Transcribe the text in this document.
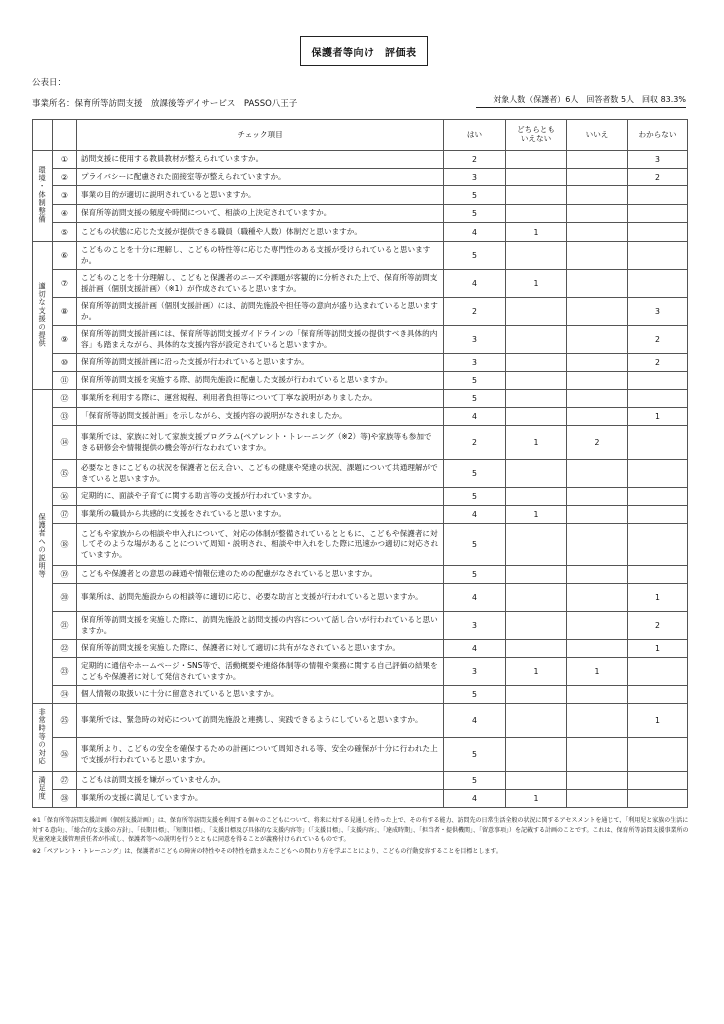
保護者等向け　評価表
公表日：
事業所名：保育所等訪問支援　放課後等デイサービス　PASSO八王子	対象人数（保護者）6人　回答者数 5人　回収 83.3%
		チェック項目	はい	どちらとも
いえない	いいえ	わからない
環境・体制整備	①	訪問支援に使用する教員教材が整えられていますか。	2			3
	②	プライバシーに配慮された面接室等が整えられていますか。	3			2
	③	事業の目的が適切に説明されていると思いますか。	5			
	④	保育所等訪問支援の頻度や時間について、相談の上決定されていますか。	5			
	⑤	こどもの状態に応じた支援が提供できる職員（職種や人数）体制だと思いますか。	4	1		
適切な支援の提供	⑥	こどものことを十分に理解し、こどもの特性等に応じた専門性のある支援が受けられていると思いますか。	5			
	⑦	こどものことを十分理解し、こどもと保護者のニーズや課題が客観的に分析された上で、保育所等訪問支援計画（個別支援計画）（※1）が作成されていると思いますか。	4	1		
	⑧	保育所等訪問支援計画（個別支援計画）には、訪問先施設や担任等の意向が盛り込まれていると思いますか。	2			3
	⑨	保育所等訪問支援計画には、保育所等訪問支援ガイドラインの「保育所等訪問支援の提供すべき具体的内容」も踏まえながら、具体的な支援内容が設定されていると思いますか。	3			2
	⑩	保育所等訪問支援計画に沿った支援が行われていると思いますか。	3			2
	⑪	保育所等訪問支援を実施する際、訪問先施設に配慮した支援が行われていると思いますか。	5			
保護者への説明等	⑫	事業所を利用する際に、運営規程、利用者負担等について丁寧な説明がありましたか。	5			
	⑬	「保育所等訪問支援計画」を示しながら、支援内容の説明がなされましたか。	4			1
	⑭	事業所では、家族に対して家族支援プログラム(ペアレント・トレーニング（※2）等)や家族等も参加できる研修会や情報提供の機会等が行なわれていますか。	2	1	2	
	⑮	必要なときにこどもの状況を保護者と伝え合い、こどもの健康や発達の状況、課題について共通理解ができていると思いますか。	5			
	⑯	定期的に、面談や子育てに関する助言等の支援が行われていますか。	5			
	⑰	事業所の職員から共感的に支援をされていると思いますか。	4	1		
	⑱	こどもや家族からの相談や申入れについて、対応の体制が整備されているとともに、こどもや保護者に対してそのような場があることについて周知・説明され、相談や申入れをした際に迅速かつ適切に対応されていますか。	5			
	⑲	こどもや保護者との意思の疎通や情報伝達のための配慮がなされていると思いますか。	5			
	⑳	事業所は、訪問先施設からの相談等に適切に応じ、必要な助言と支援が行われていると思いますか。	4			1
	㉑	保育所等訪問支援を実施した際に、訪問先施設と訪問支援の内容について話し合いが行われていると思いますか。	3			2
	㉒	保育所等訪問支援を実施した際に、保護者に対して適切に共有がなされていると思いますか。	4			1
	㉓	定期的に通信やホームページ・SNS等で、活動概要や連絡体制等の情報や業務に関する自己評価の結果をこどもや保護者に対して発信されていますか。	3	1	1	
	㉔	個人情報の取扱いに十分に留意されていると思いますか。	5			
非常時等の対応	㉕	事業所では、緊急時の対応について訪問先施設と連携し、実践できるようにしていると思いますか。	4			1
	㉖	事業所より、こどもの安全を確保するための計画について周知される等、安全の確保が十分に行われた上で支援が行われていると思いますか。	5			
満足度	㉗	こどもは訪問支援を嫌がっていませんか。	5			
	㉘	事業所の支援に満足していますか。	4	1		
※1「保育所等訪問支援計画（個別支援計画）」は、保育所等訪問支援を利用する個々のこどもについて、将来に対する見通しを持った上で、その有する能力、訪問先の日常生活全般の状況に関するアセスメントを通じて、「利用児と家族の生活に対する意向」、「総合的な支援の方針」、「長期目標」、「短期目標」、「支援目標及び具体的な支援内容等」（「支援目標」、「支援内容」、「達成時期」、「担当者・提供機関」、「留意事項」）を記載する計画のことです。これは、保育所等訪問支援事業所の児童発達支援管理責任者が作成し、保護者等への説明を行うとともに同意を得ることが義務付けられているものです。
※2「ペアレント・トレーニング」は、保護者がこどもの障害の特性やその特性を踏まえたこどもへの関わり方を学ぶことにより、こどもの行動変容することを目標とします。
